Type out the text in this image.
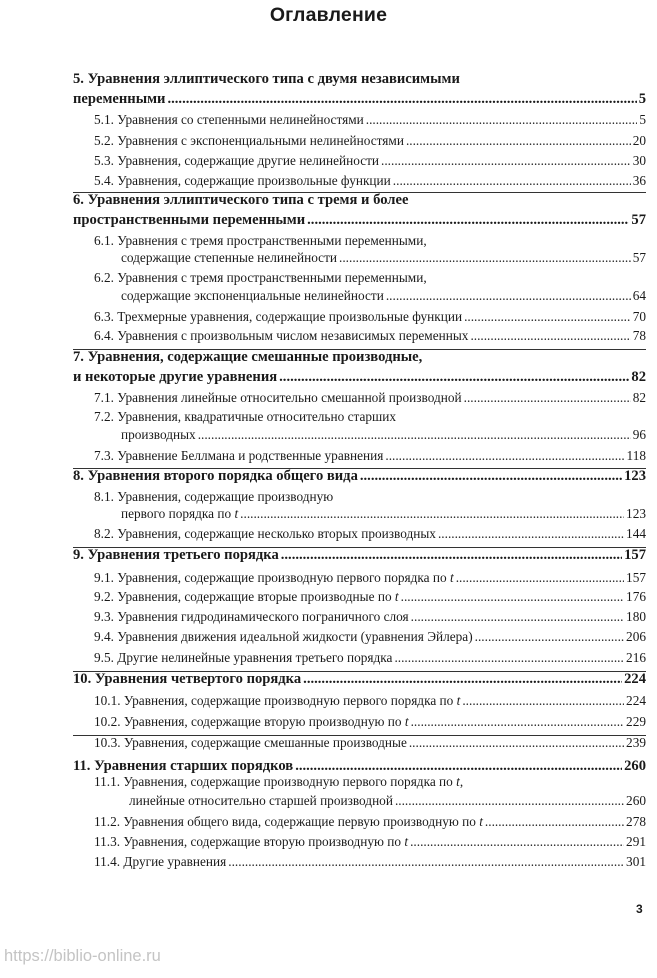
Оглавление
5. Уравнения эллиптического типа с двумя независимыми
переменными .....	5
5.1. Уравнения со степенными нелинейностями .....	5
5.2. Уравнения с экспоненциальными нелинейностями .....	20
5.3. Уравнения, содержащие другие нелинейности .....	30
5.4. Уравнения, содержащие произвольные функции .....	36
6. Уравнения эллиптического типа с тремя и более
пространственными переменными .....	57
6.1. Уравнения с тремя пространственными переменными,
содержащие степенные нелинейности .....	57
6.2. Уравнения с тремя пространственными переменными,
содержащие экспоненциальные нелинейности .....	64
6.3. Трехмерные уравнения, содержащие произвольные функции .....	70
6.4. Уравнения с произвольным числом независимых переменных .....	78
7. Уравнения, содержащие смешанные производные,
и некоторые другие уравнения .....	82
7.1. Уравнения линейные относительно смешанной производной .....	82
7.2. Уравнения, квадратичные относительно старших
производных .....	96
7.3. Уравнение Беллмана и родственные уравнения .....	118
8. Уравнения второго порядка общего вида .....	123
8.1. Уравнения, содержащие производную
первого порядка по t .....	123
8.2. Уравнения, содержащие несколько вторых производных .....	144
9. Уравнения третьего порядка .....	157
9.1. Уравнения, содержащие производную первого порядка по t .....	157
9.2. Уравнения, содержащие вторые производные по t .....	176
9.3. Уравнения гидродинамического пограничного слоя .....	180
9.4. Уравнения движения идеальной жидкости (уравнения Эйлера) .....	206
9.5. Другие нелинейные уравнения третьего порядка .....	216
10. Уравнения четвертого порядка .....	224
10.1. Уравнения, содержащие производную первого порядка по t .....	224
10.2. Уравнения, содержащие вторую производную по t .....	229
10.3. Уравнения, содержащие смешанные производные .....	239
11. Уравнения старших порядков .....	260
11.1. Уравнения, содержащие производную первого порядка по t,
линейные относительно старшей производной .....	260
11.2. Уравнения общего вида, содержащие первую производную по t .....	278
11.3. Уравнения, содержащие вторую производную по t .....	291
11.4. Другие уравнения .....	301
3
https://biblio-online.ru
